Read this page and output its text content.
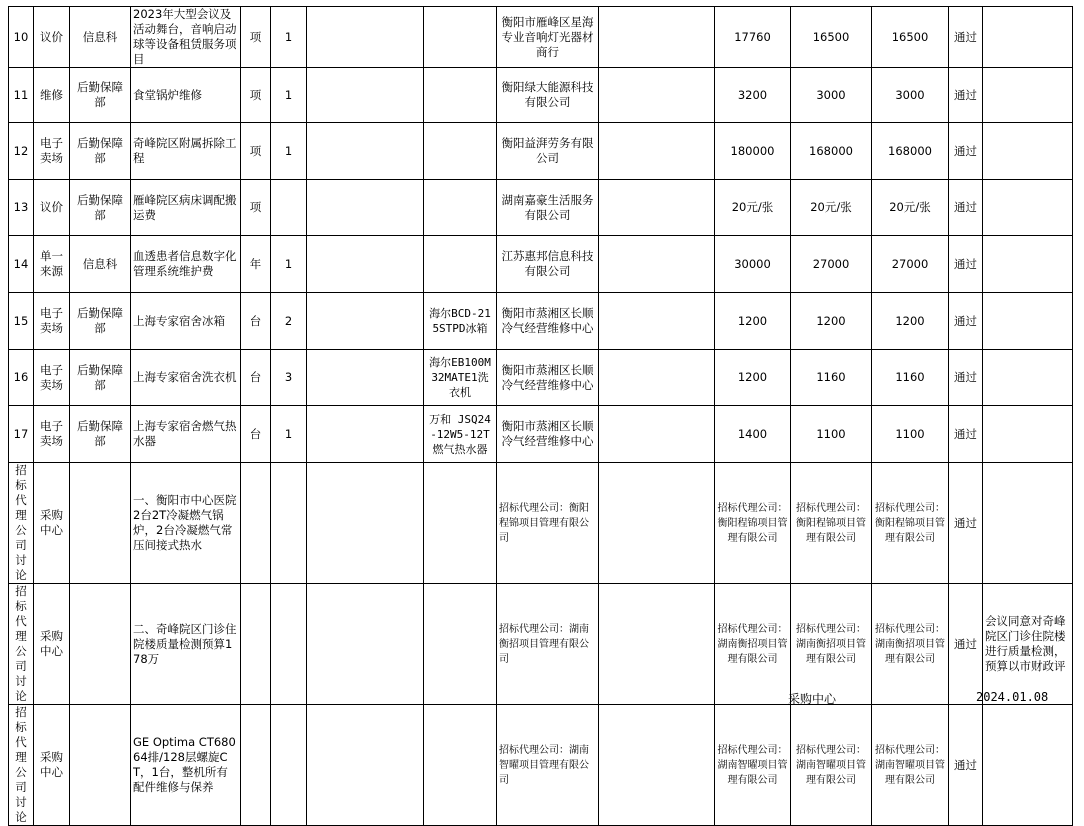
10	议价	信息科	2023年大型会议及活动舞台，音响启动球等设备租赁服务项目	项	1			衡阳市雁峰区星海专业音响灯光器材商行		17760	16500	16500	通过	

11	维修	后勤保障部	食堂锅炉维修	项	1			衡阳绿大能源科技有限公司		3200	3000	3000	通过	

12	电子卖场	后勤保障部	奇峰院区附属拆除工程	项	1			衡阳益湃劳务有限公司		180000	168000	168000	通过	

13	议价	后勤保障部	雁峰院区病床调配搬运费	项				湖南嘉豪生活服务有限公司		20元/张	20元/张	20元/张	通过	

14	单一来源	信息科	血透患者信息数字化管理系统维护费	年	1			江苏惠邦信息科技有限公司		30000	27000	27000	通过	

15	电子卖场	后勤保障部	上海专家宿舍冰箱	台	2		海尔BCD-215STPD冰箱	衡阳市蒸湘区长顺冷气经营维修中心		1200	1200	1200	通过	

16	电子卖场	后勤保障部	上海专家宿舍洗衣机	台	3		海尔EB100M32MATE1洗衣机	衡阳市蒸湘区长顺冷气经营维修中心		1200	1160	1160	通过	

17	电子卖场	后勤保障部	上海专家宿舍燃气热水器	台	1		万和 JSQ24-12W5-12T燃气热水器	衡阳市蒸湘区长顺冷气经营维修中心		1400	1100	1100	通过	

招标代理公司讨论	采购中心		一、衡阳市中心医院2台2T冷凝燃气锅炉，2台冷凝燃气常压间接式热水					招标代理公司：衡阳程锦项目管理有限公司		招标代理公司：衡阳程锦项目管理有限公司	招标代理公司：衡阳程锦项目管理有限公司	招标代理公司：衡阳程锦项目管理有限公司	通过	

招标代理公司讨论	采购中心		二、奇峰院区门诊住院楼质量检测预算178万					招标代理公司：湖南衡招项目管理有限公司		招标代理公司：湖南衡招项目管理有限公司	招标代理公司：湖南衡招项目管理有限公司	招标代理公司：湖南衡招项目管理有限公司	通过	会议同意对奇峰院区门诊住院楼进行质量检测，预算以市财政评

招标代理公司讨论	采购中心		GE Optima CT680 64排/128层螺旋CT，1台，整机所有配件维修与保养					招标代理公司：湖南智曜项目管理有限公司		招标代理公司：湖南智曜项目管理有限公司	招标代理公司：湖南智曜项目管理有限公司	招标代理公司：湖南智曜项目管理有限公司	通过	

采购中心	2024.01.08
